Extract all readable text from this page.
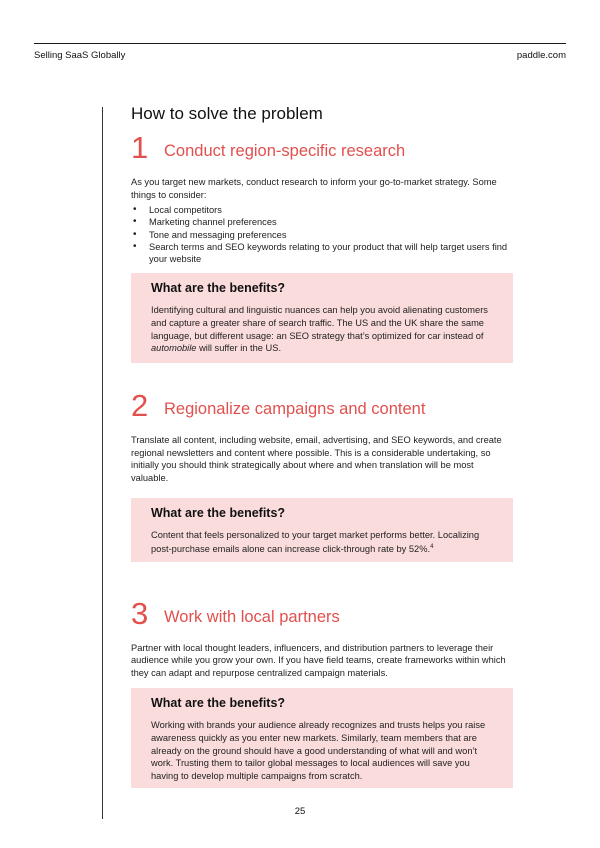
Selling SaaS Globally	paddle.com
How to solve the problem
1 Conduct region-specific research

As you target new markets, conduct research to inform your go-to-market strategy. Some things to consider:

• Local competitors
• Marketing channel preferences
• Tone and messaging preferences
• Search terms and SEO keywords relating to your product that will help target users find your website
What are the benefits?

Identifying cultural and linguistic nuances can help you avoid alienating customers and capture a greater share of search traffic. The US and the UK share the same language, but different usage: an SEO strategy that’s optimized for car instead of automobile will suffer in the US.

2 Regionalize campaigns and content

Translate all content, including website, email, advertising, and SEO keywords, and create regional newsletters and content where possible. This is a considerable undertaking, so initially you should think strategically about where and when translation will be most valuable.

What are the benefits?

Content that feels personalized to your target market performs better. Localizing post-purchase emails alone can increase click-through rate by 52%.$^4$

3 Work with local partners

Partner with local thought leaders, influencers, and distribution partners to leverage their audience while you grow your own. If you have field teams, create frameworks within which they can adapt and repurpose centralized campaign materials.

What are the benefits?

Working with brands your audience already recognizes and trusts helps you raise awareness quickly as you enter new markets. Similarly, team members that are already on the ground should have a good understanding of what will and won’t work. Trusting them to tailor global messages to local audiences will save you having to develop multiple campaigns from scratch.

25
